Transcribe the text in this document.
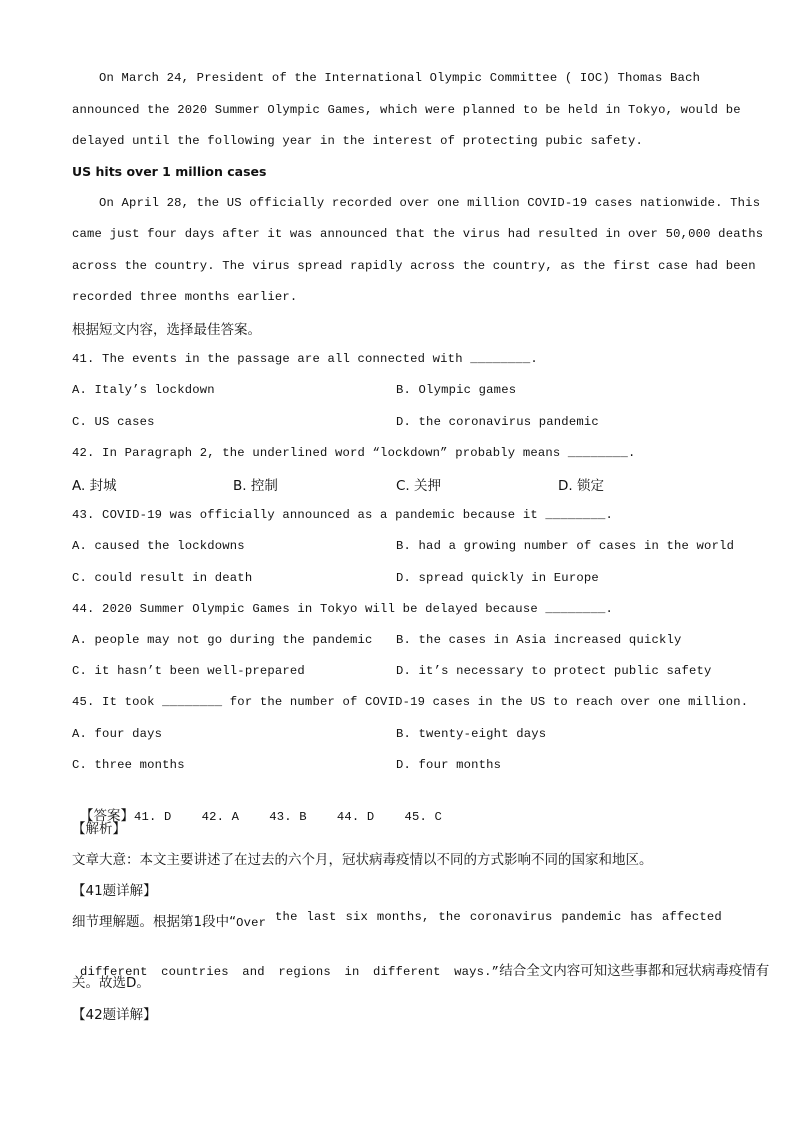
On March 24, President of the International Olympic Committee ( IOC) Thomas Bach
announced the 2020 Summer Olympic Games, which were planned to be held in Tokyo, would be
delayed until the following year in the interest of protecting pubic safety.
US hits over 1 million cases
On April 28, the US officially recorded over one million COVID-19 cases nationwide. This
came just four days after it was announced that the virus had resulted in over 50,000 deaths
across the country. The virus spread rapidly across the country, as the first case had been
recorded three months earlier.
根据短文内容，选择最佳答案。
41. The events in the passage are all connected with ________.
A. Italy’s lockdown	B. Olympic games
C. US cases	D. the coronavirus pandemic
42. In Paragraph 2, the underlined word “lockdown” probably means ________.
A. 封城	B. 控制	C. 关押	D. 锁定
43. COVID-19 was officially announced as a pandemic because it ________.
A. caused the lockdowns	B. had a growing number of cases in the world
C. could result in death	D. spread quickly in Europe
44. 2020 Summer Olympic Games in Tokyo will be delayed because ________.
A. people may not go during the pandemic B. the cases in Asia increased quickly
C. it hasn’t been well-prepared	D. it’s necessary to protect public safety
45. It took ________ for the number of COVID-19 cases in the US to reach over one million.
A. four days	B. twenty-eight days
C. three months	D. four months

【答案】41. D    42. A    43. B    44. D    45. C

【解析】
文章大意：本文主要讲述了在过去的六个月，冠状病毒疫情以不同的方式影响不同的国家和地区。
【41题详解】
细节理解题。根据第1段中“Over the last six months, the coronavirus pandemic has affected

different countries and regions in different ways.”结合全文内容可知这些事都和冠状病毒疫情有

关。故选D。
【42题详解】
